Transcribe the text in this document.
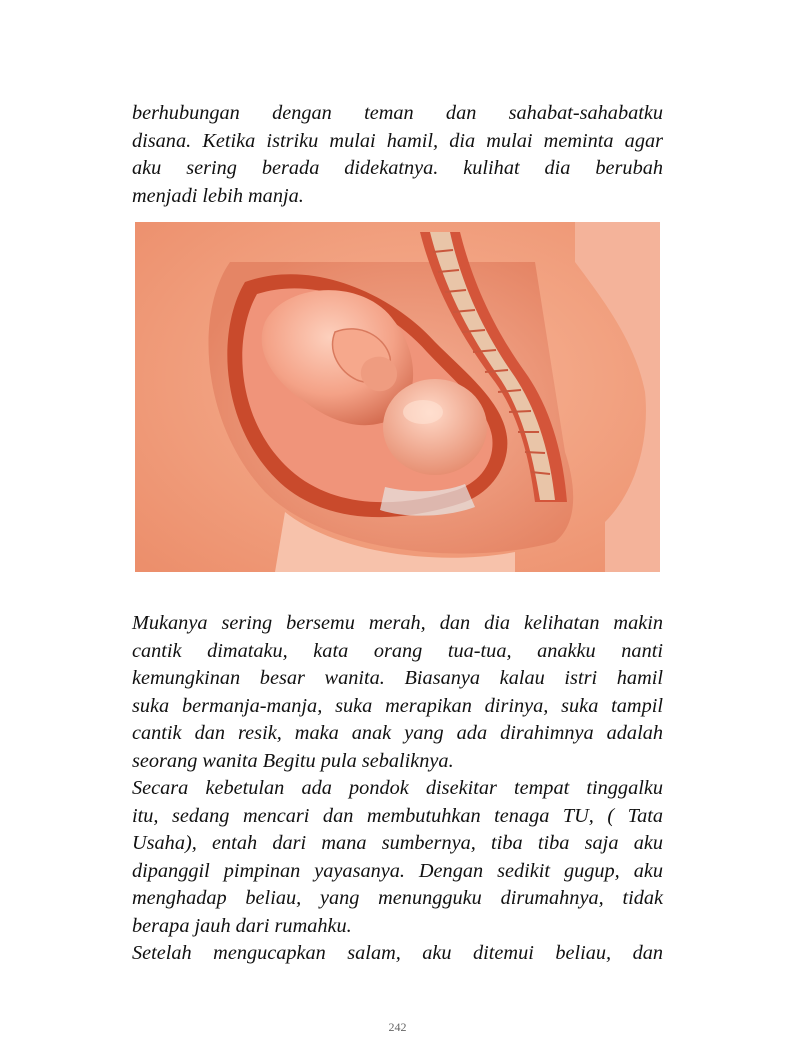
berhubungan dengan teman dan sahabat-sahabatku
disana. Ketika istriku mulai hamil, dia mulai meminta agar
aku sering berada didekatnya. kulihat dia berubah
menjadi lebih manja.

Mukanya sering bersemu merah, dan dia kelihatan makin
cantik dimataku, kata orang tua-tua, anakku nanti
kemungkinan besar wanita. Biasanya kalau istri hamil
suka bermanja-manja, suka merapikan dirinya, suka tampil
cantik dan resik, maka anak yang ada dirahimnya adalah
seorang wanita Begitu pula sebaliknya.
Secara kebetulan ada pondok disekitar tempat tinggalku
itu, sedang mencari dan membutuhkan tenaga TU, ( Tata
Usaha), entah dari mana sumbernya, tiba tiba saja aku
dipanggil pimpinan yayasanya. Dengan sedikit gugup, aku
menghadap beliau, yang menungguku dirumahnya, tidak
berapa jauh dari rumahku.
Setelah mengucapkan salam, aku ditemui beliau, dan

242
